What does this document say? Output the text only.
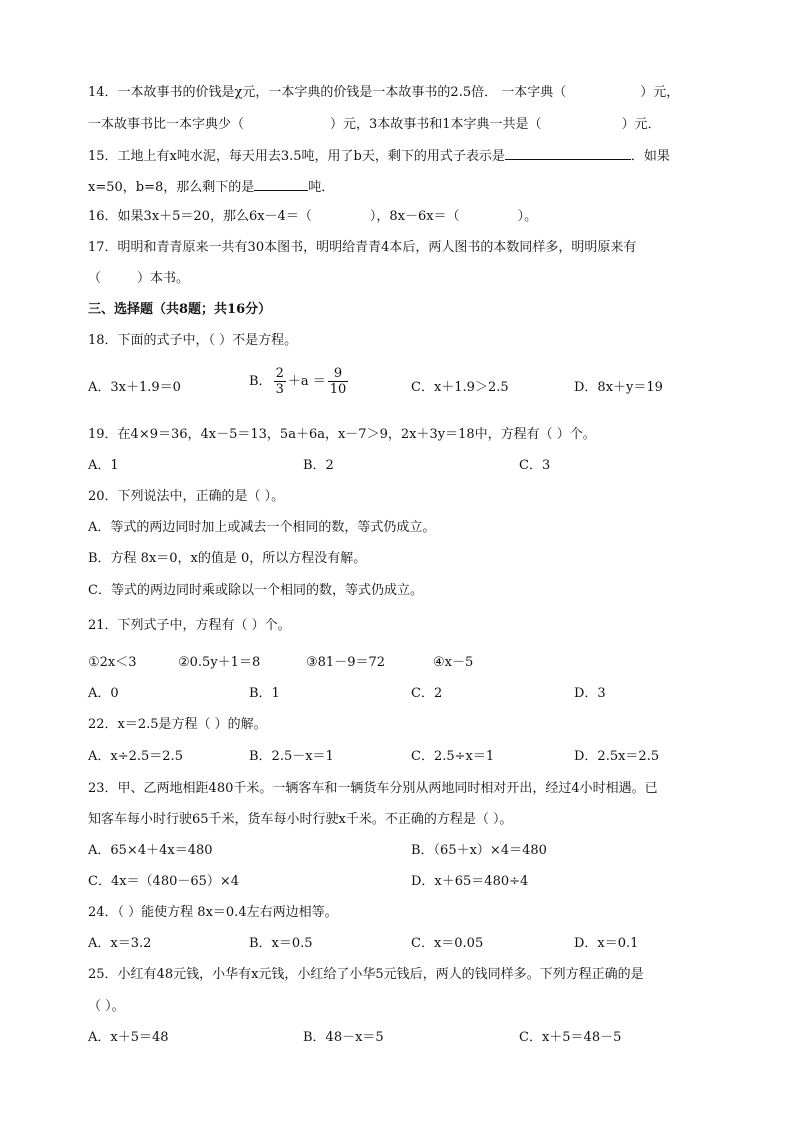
14．一本故事书的价钱是χ元，一本字典的价钱是一本故事书的2.5倍． 一本字典（	）元，
一本故事书比一本字典少（	）元，3本故事书和1本字典一共是（	）元．
15．工地上有x吨水泥，每天用去3.5吨，用了b天，剩下的用式子表示是	．如果
x=50，b=8，那么剩下的是	吨．
16．如果3x＋5＝20，那么6x－4＝（	），8x－6x＝（	）。
17．明明和青青原来一共有30本图书，明明给青青4本后，两人图书的本数同样多，明明原来有
（	）本书。
三、选择题（共8题；共16分）
18．下面的式子中，（ ）不是方程。
A．3x＋1.9＝0	B． $\frac{2}{3} +a = \frac{9}{10}$	C．x＋1.9＞2.5	D．8x＋y＝19
19．在4×9＝36，4x－5＝13，5a＋6a，x－7＞9，2x＋3y＝18中，方程有（ ）个。
A．1	B．2	C．3
20．下列说法中，正确的是（ ）。
A．等式的两边同时加上或减去一个相同的数，等式仍成立。
B．方程 8x＝0，x的值是 0，所以方程没有解。
C．等式的两边同时乘或除以一个相同的数，等式仍成立。
21．下列式子中，方程有（ ）个。
①2x＜3	②0.5y＋1＝8	③81－9＝72	④x－5
A．0	B．1	C．2	D．3
22．x＝2.5是方程（ ）的解。
A．x÷2.5＝2.5	B．2.5－x＝1	C．2.5÷x＝1	D．2.5x＝2.5
23．甲、乙两地相距480千米。一辆客车和一辆货车分别从两地同时相对开出，经过4小时相遇。已
知客车每小时行驶65千米，货车每小时行驶x千米。不正确的方程是（ ）。
A．65×4＋4x＝480	B．（65＋x）×4＝480
C．4x＝（480－65）×4	D．x＋65＝480÷4
24．（ ）能使方程 8x＝0.4左右两边相等。
A．x＝3.2	B．x＝0.5	C．x＝0.05	D．x＝0.1
25．小红有48元钱，小华有x元钱，小红给了小华5元钱后，两人的钱同样多。下列方程正确的是
（ ）。
A．x＋5＝48	B．48－x＝5	C．x＋5＝48－5
